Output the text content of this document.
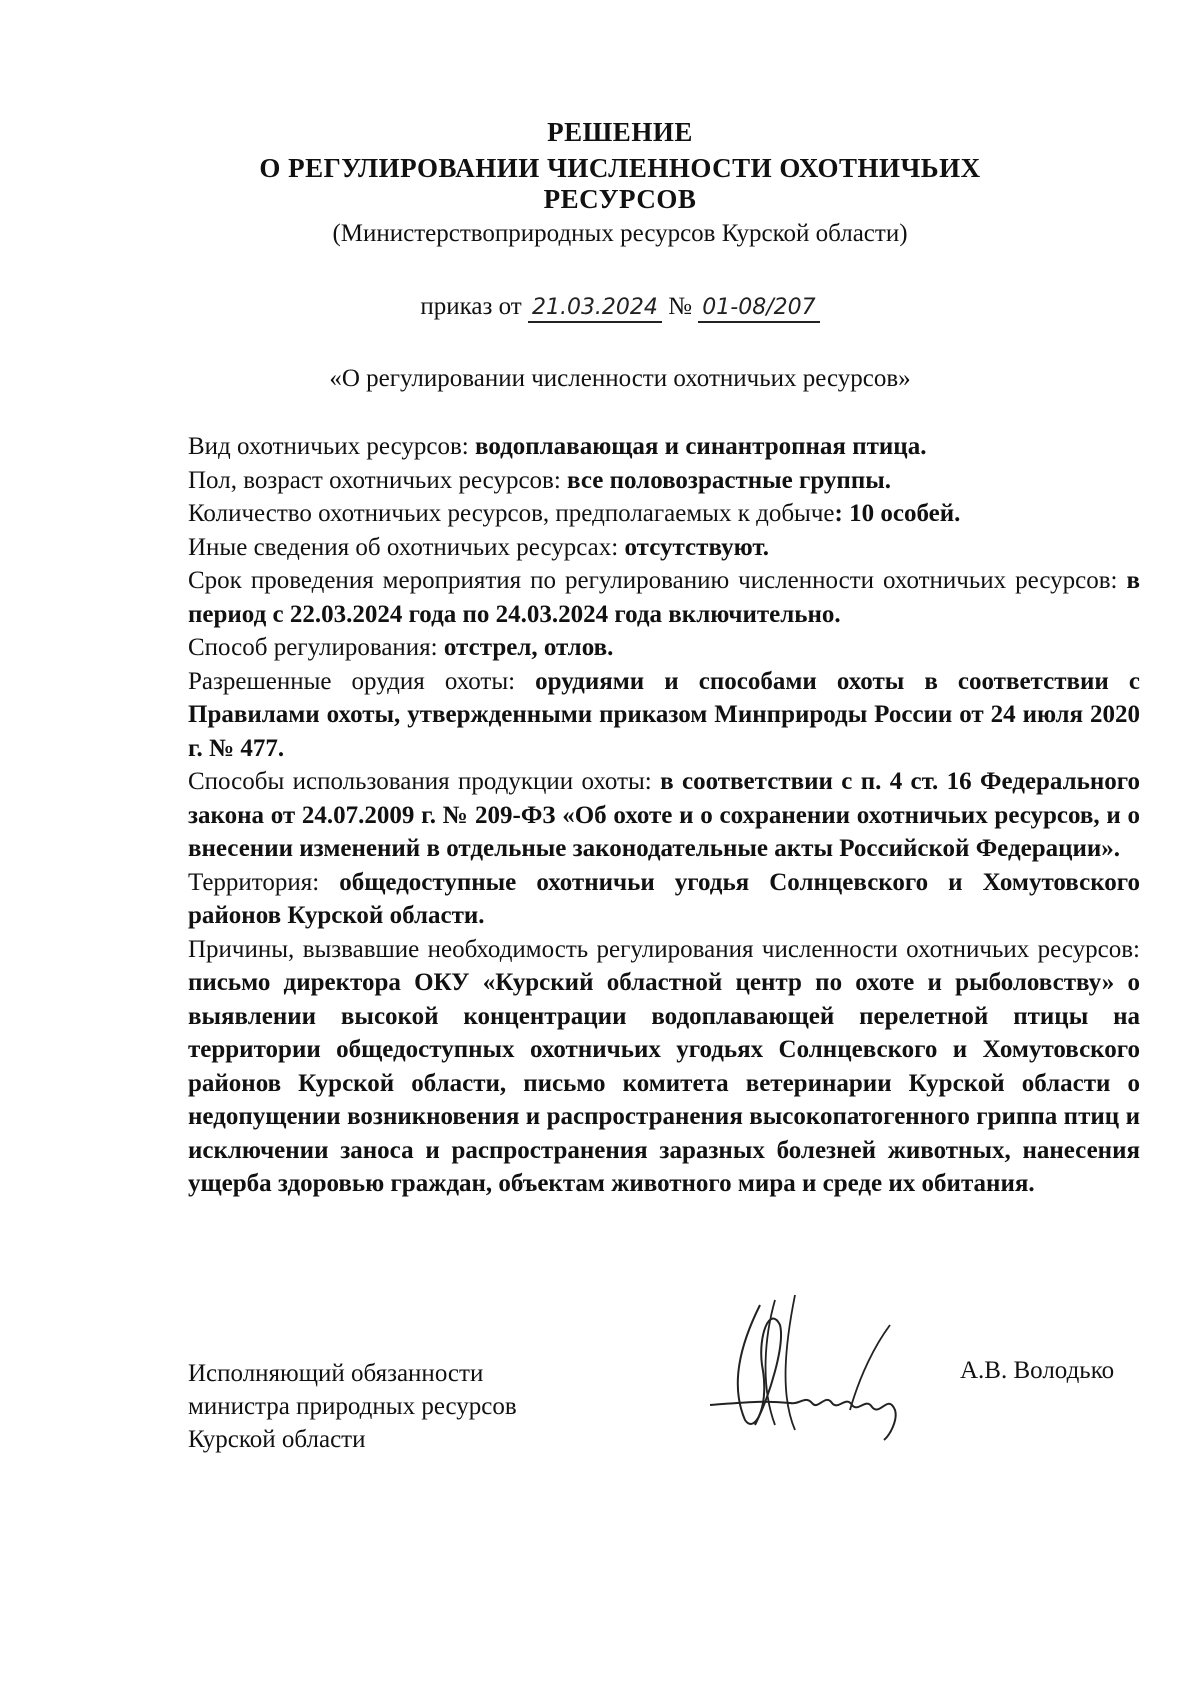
РЕШЕНИЕ
О РЕГУЛИРОВАНИИ ЧИСЛЕННОСТИ ОХОТНИЧЬИХ РЕСУРСОВ
(Министерствоприродных ресурсов Курской области)
приказ от 21.03.2024 № 01-08/207
«О регулировании численности охотничьих ресурсов»

Вид охотничьих ресурсов: водоплавающая и синантропная птица.

Пол, возраст охотничьих ресурсов: все половозрастные группы.

Количество охотничьих ресурсов, предполагаемых к добыче: 10 особей.

Иные сведения об охотничьих ресурсах: отсутствуют.

Срок проведения мероприятия по регулированию численности охотничьих ресурсов: в период с 22.03.2024 года по 24.03.2024 года включительно.

Способ регулирования: отстрел, отлов.

Разрешенные орудия охоты: орудиями и способами охоты в соответствии с Правилами охоты, утвержденными приказом Минприроды России от 24 июля 2020 г. № 477.

Способы использования продукции охоты: в соответствии с п. 4 ст. 16 Федерального закона от 24.07.2009 г. № 209-ФЗ «Об охоте и о сохранении охотничьих ресурсов, и о внесении изменений в отдельные законодательные акты Российской Федерации».

Территория: общедоступные охотничьи угодья Солнцевского и Хомутовского районов Курской области.

Причины, вызвавшие необходимость регулирования численности охотничьих ресурсов: письмо директора ОКУ «Курский областной центр по охоте и рыболовству» о выявлении высокой концентрации водоплавающей перелетной птицы на территории общедоступных охотничьих угодьях Солнцевского и Хомутовского районов Курской области, письмо комитета ветеринарии Курской области о недопущении возникновения и распространения высокопатогенного гриппа птиц и исключении заноса и распространения заразных болезней животных, нанесения ущерба здоровью граждан, объектам животного мира и среде их обитания.

Исполняющий обязанности
министра природных ресурсов
Курской области
А.В. Володько
